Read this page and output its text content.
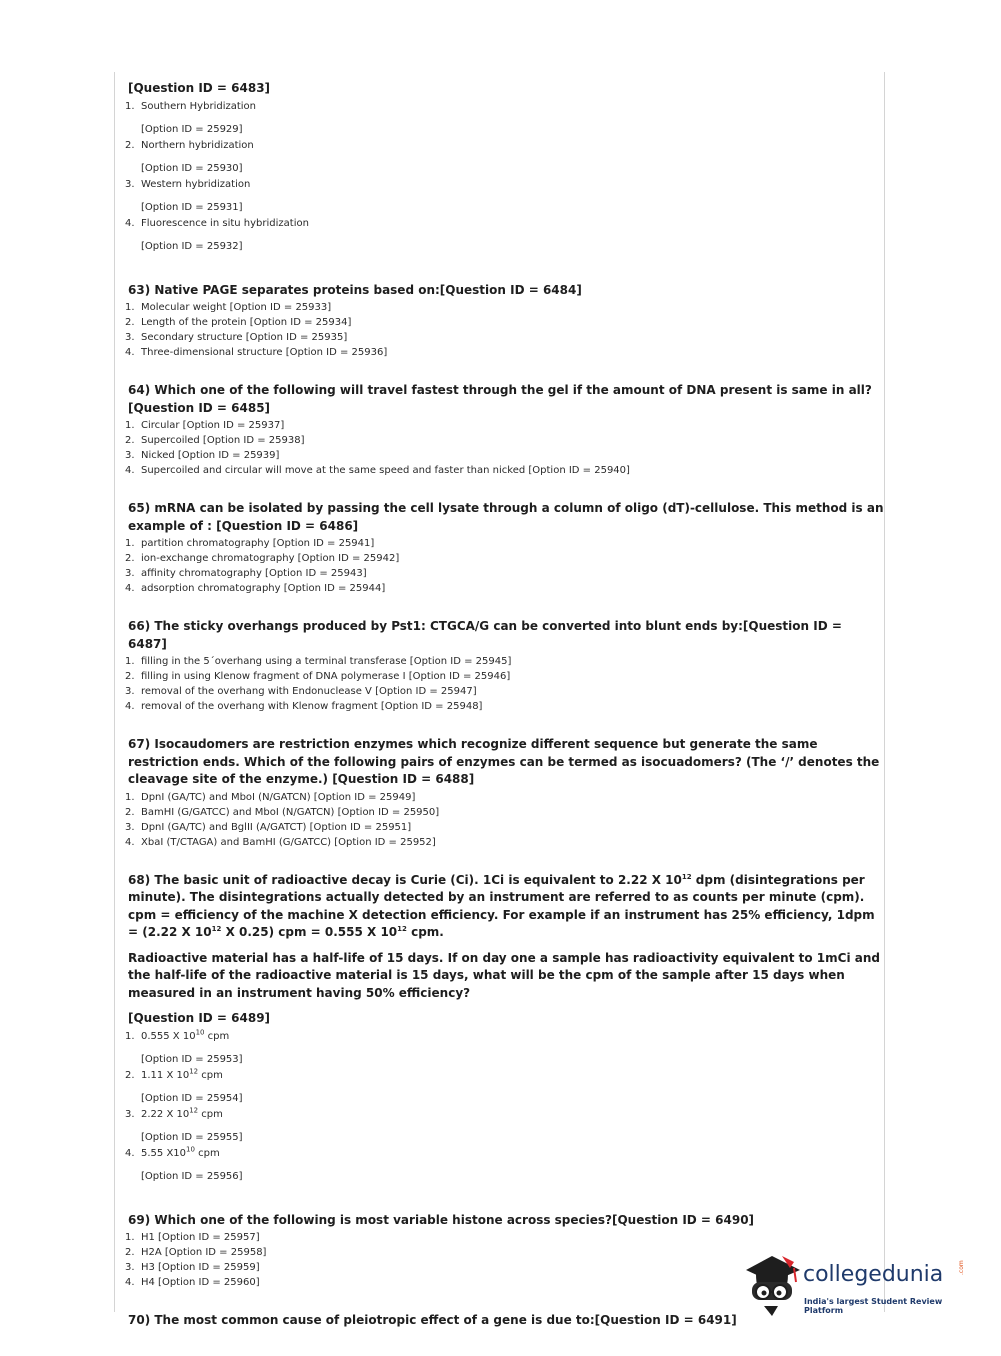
[Question ID = 6483]
1. Southern Hybridization
[Option ID = 25929]
2. Northern hybridization
[Option ID = 25930]
3. Western hybridization
[Option ID = 25931]
4. Fluorescence in situ hybridization
[Option ID = 25932]
63) Native PAGE separates proteins based on:[Question ID = 6484]
1. Molecular weight [Option ID = 25933]
2. Length of the protein [Option ID = 25934]
3. Secondary structure [Option ID = 25935]
4. Three-dimensional structure [Option ID = 25936]
64) Which one of the following will travel fastest through the gel if the amount of DNA present is same in all?[Question ID = 6485]
1. Circular [Option ID = 25937]
2. Supercoiled [Option ID = 25938]
3. Nicked [Option ID = 25939]
4. Supercoiled and circular will move at the same speed and faster than nicked [Option ID = 25940]
65) mRNA can be isolated by passing the cell lysate through a column of oligo (dT)-cellulose. This method is an example of : [Question ID = 6486]
1. partition chromatography [Option ID = 25941]
2. ion-exchange chromatography [Option ID = 25942]
3. affinity chromatography [Option ID = 25943]
4. adsorption chromatography [Option ID = 25944]
66) The sticky overhangs produced by Pst1: CTGCA/G can be converted into blunt ends by:[Question ID = 6487]
1. filling in the 5´overhang using a terminal transferase [Option ID = 25945]
2. filling in using Klenow fragment of DNA polymerase I [Option ID = 25946]
3. removal of the overhang with Endonuclease V [Option ID = 25947]
4. removal of the overhang with Klenow fragment [Option ID = 25948]
67) Isocaudomers are restriction enzymes which recognize different sequence but generate the same restriction ends. Which of the following pairs of enzymes can be termed as isocuadomers? (The ‘/’ denotes the cleavage site of the enzyme.) [Question ID = 6488]
1. DpnI (GA/TC) and MboI (N/GATCN) [Option ID = 25949]
2. BamHI (G/GATCC) and MboI (N/GATCN) [Option ID = 25950]
3. DpnI (GA/TC) and BglII (A/GATCT) [Option ID = 25951]
4. XbaI (T/CTAGA) and BamHI (G/GATCC) [Option ID = 25952]
68) The basic unit of radioactive decay is Curie (Ci). 1Ci is equivalent to 2.22 X $10^{12}$ dpm (disintegrations per minute). The disintegrations actually detected by an instrument are referred to as counts per minute (cpm). cpm = efficiency of the machine X detection efficiency. For example if an instrument has 25% efficiency, 1dpm = (2.22 X $10^{12}$ X 0.25) cpm = 0.555 X $10^{12}$ cpm.
Radioactive material has a half-life of 15 days. If on day one a sample has radioactivity equivalent to 1mCi and the half-life of the radioactive material is 15 days, what will be the cpm of the sample after 15 days when measured in an instrument having 50% efficiency?
[Question ID = 6489]
1. 0.555 X $10^{10}$ cpm
[Option ID = 25953]
2. 1.11 X $10^{12}$ cpm
[Option ID = 25954]
3. 2.22 X $10^{12}$ cpm
[Option ID = 25955]
4. 5.55 $X10^{10}$ cpm
[Option ID = 25956]
69) Which one of the following is most variable histone across species?[Question ID = 6490]
1. H1 [Option ID = 25957]
2. H2A [Option ID = 25958]
3. H3 [Option ID = 25959]
4. H4 [Option ID = 25960]
70) The most common cause of pleiotropic effect of a gene is due to:[Question ID = 6491]
collegedunia .com
India's largest Student Review Platform
